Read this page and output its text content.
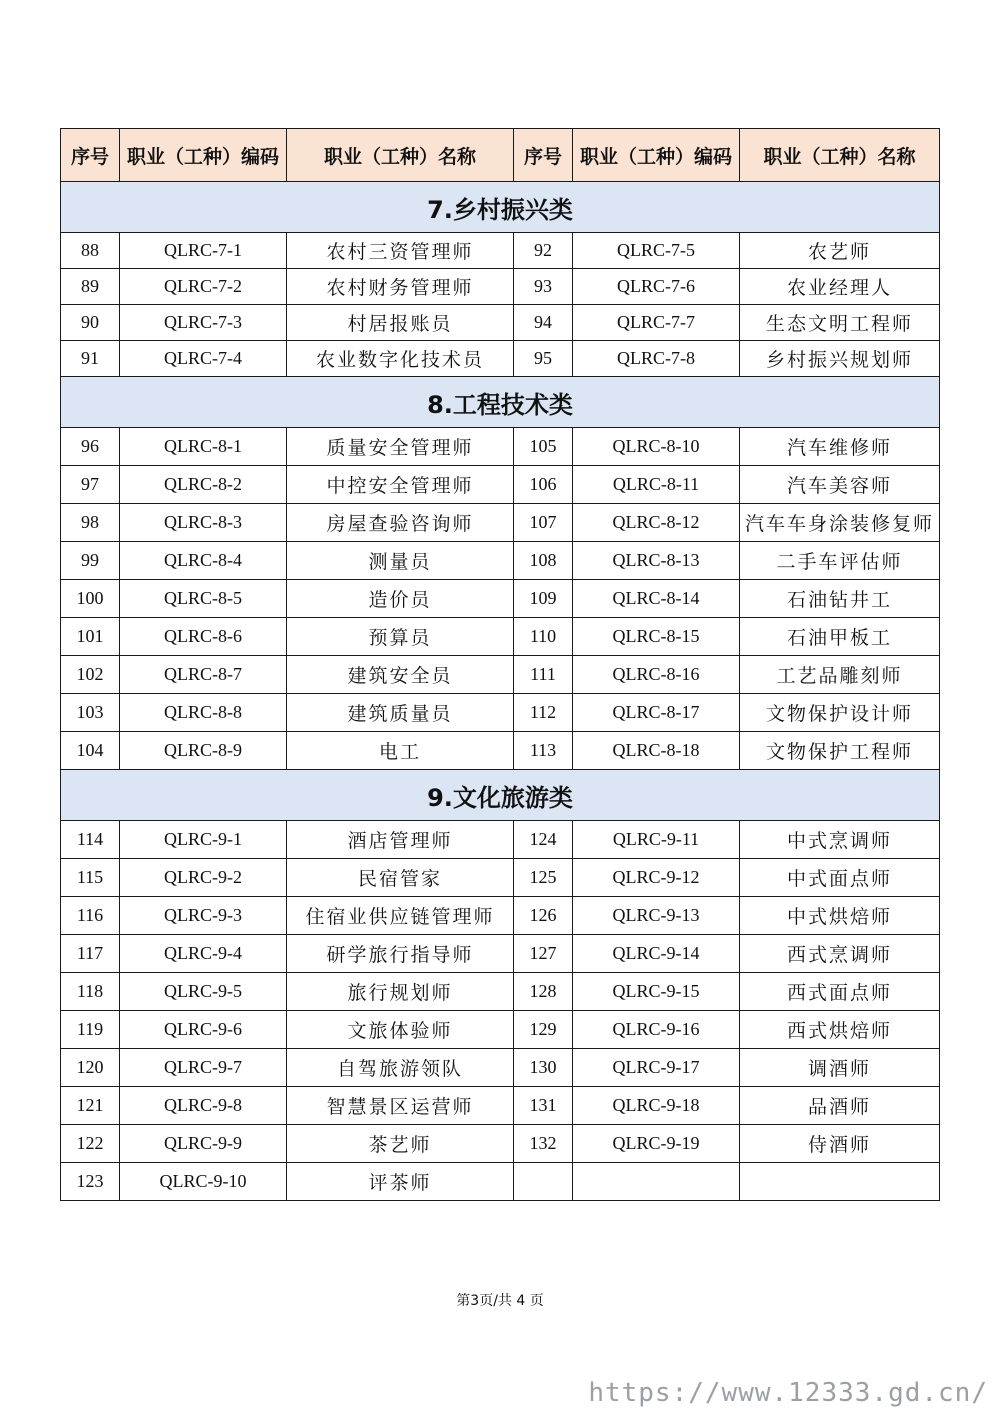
序号	职业（工种）编码	职业（工种）名称	序号	职业（工种）编码	职业（工种）名称
7.乡村振兴类					
88	QLRC-7-1	农村三资管理师	92	QLRC-7-5	农艺师
89	QLRC-7-2	农村财务管理师	93	QLRC-7-6	农业经理人
90	QLRC-7-3	村居报账员	94	QLRC-7-7	生态文明工程师
91	QLRC-7-4	农业数字化技术员	95	QLRC-7-8	乡村振兴规划师
8.工程技术类					
96	QLRC-8-1	质量安全管理师	105	QLRC-8-10	汽车维修师
97	QLRC-8-2	中控安全管理师	106	QLRC-8-11	汽车美容师
98	QLRC-8-3	房屋查验咨询师	107	QLRC-8-12	汽车车身涂装修复师
99	QLRC-8-4	测量员	108	QLRC-8-13	二手车评估师
100	QLRC-8-5	造价员	109	QLRC-8-14	石油钻井工
101	QLRC-8-6	预算员	110	QLRC-8-15	石油甲板工
102	QLRC-8-7	建筑安全员	111	QLRC-8-16	工艺品雕刻师
103	QLRC-8-8	建筑质量员	112	QLRC-8-17	文物保护设计师
104	QLRC-8-9	电工	113	QLRC-8-18	文物保护工程师
9.文化旅游类					
114	QLRC-9-1	酒店管理师	124	QLRC-9-11	中式烹调师
115	QLRC-9-2	民宿管家	125	QLRC-9-12	中式面点师
116	QLRC-9-3	住宿业供应链管理师	126	QLRC-9-13	中式烘焙师
117	QLRC-9-4	研学旅行指导师	127	QLRC-9-14	西式烹调师
118	QLRC-9-5	旅行规划师	128	QLRC-9-15	西式面点师
119	QLRC-9-6	文旅体验师	129	QLRC-9-16	西式烘焙师
120	QLRC-9-7	自驾旅游领队	130	QLRC-9-17	调酒师
121	QLRC-9-8	智慧景区运营师	131	QLRC-9-18	品酒师
122	QLRC-9-9	茶艺师	132	QLRC-9-19	侍酒师
123	QLRC-9-10	评茶师			
第3页/共 4 页
https://www.12333.gd.cn/
